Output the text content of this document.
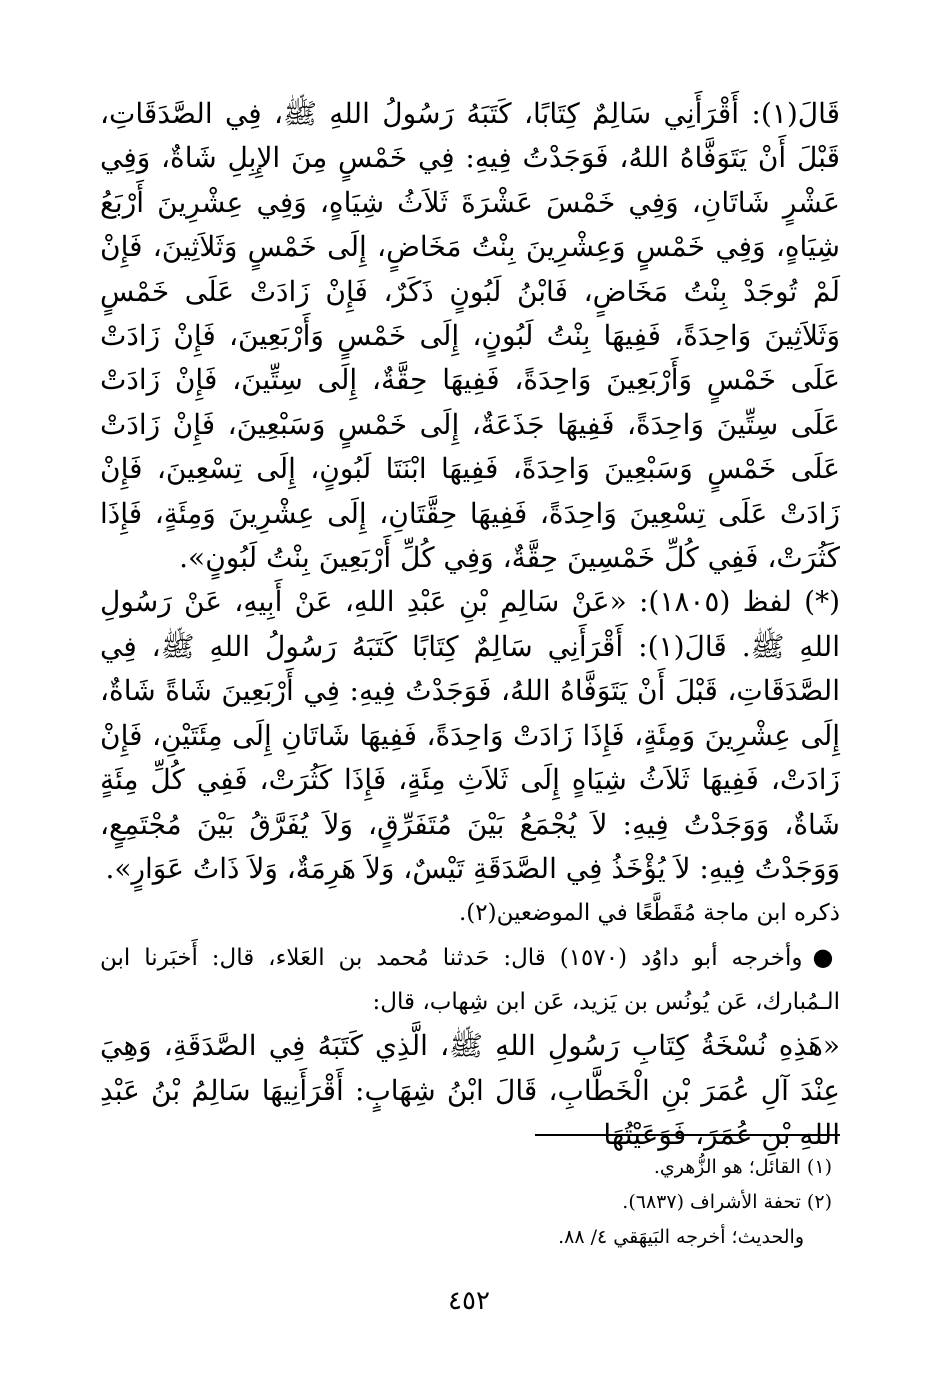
قَالَ(١): أَقْرَأَنِي سَالِمٌ كِتَابًا، كَتَبَهُ رَسُولُ اللهِ ﷺ، فِي الصَّدَقَاتِ، قَبْلَ أَنْ يَتَوَفَّاهُ اللهُ، فَوَجَدْتُ فِيهِ: فِي خَمْسٍ مِنَ الإِبِلِ شَاةٌ، وَفِي عَشْرٍ شَاتَانِ، وَفِي خَمْسَ عَشْرَةَ ثَلاَثُ شِيَاهٍ، وَفِي عِشْرِينَ أَرْبَعُ شِيَاهٍ، وَفِي خَمْسٍ وَعِشْرِينَ بِنْتُ مَخَاضٍ، إِلَى خَمْسٍ وَثَلاَثِينَ، فَإِنْ لَمْ تُوجَدْ بِنْتُ مَخَاضٍ، فَابْنُ لَبُونٍ ذَكَرٌ، فَإِنْ زَادَتْ عَلَى خَمْسٍ وَثَلاَثِينَ وَاحِدَةً، فَفِيهَا بِنْتُ لَبُونٍ، إِلَى خَمْسٍ وَأَرْبَعِينَ، فَإِنْ زَادَتْ عَلَى خَمْسٍ وَأَرْبَعِينَ وَاحِدَةً، فَفِيهَا حِقَّةٌ، إِلَى سِتِّينَ، فَإِنْ زَادَتْ عَلَى سِتِّينَ وَاحِدَةً، فَفِيهَا جَذَعَةٌ، إِلَى خَمْسٍ وَسَبْعِينَ، فَإِنْ زَادَتْ عَلَى خَمْسٍ وَسَبْعِينَ وَاحِدَةً، فَفِيهَا ابْنَتَا لَبُونٍ، إِلَى تِسْعِينَ، فَإِنْ زَادَتْ عَلَى تِسْعِينَ وَاحِدَةً، فَفِيهَا حِقَّتَانِ، إِلَى عِشْرِينَ وَمِئَةٍ، فَإِذَا كَثُرَتْ، فَفِي كُلِّ خَمْسِينَ حِقَّةٌ، وَفِي كُلِّ أَرْبَعِينَ بِنْتُ لَبُونٍ».

(*) لفظ (١٨٠٥): «عَنْ سَالِمِ بْنِ عَبْدِ اللهِ، عَنْ أَبِيهِ، عَنْ رَسُولِ اللهِ ﷺ. قَالَ(١): أَقْرَأَنِي سَالِمٌ كِتَابًا كَتَبَهُ رَسُولُ اللهِ ﷺ، فِي الصَّدَقَاتِ، قَبْلَ أَنْ يَتَوَفَّاهُ اللهُ، فَوَجَدْتُ فِيهِ: فِي أَرْبَعِينَ شَاةً شَاةٌ، إِلَى عِشْرِينَ وَمِئَةٍ، فَإِذَا زَادَتْ وَاحِدَةً، فَفِيهَا شَاتَانِ إِلَى مِئَتَيْنِ، فَإِنْ زَادَتْ، فَفِيهَا ثَلاَثُ شِيَاهٍ إِلَى ثَلاَثِ مِئَةٍ، فَإِذَا كَثُرَتْ، فَفِي كُلِّ مِئَةٍ شَاةٌ، وَوَجَدْتُ فِيهِ: لاَ يُجْمَعُ بَيْنَ مُتَفَرِّقٍ، وَلاَ يُفَرَّقُ بَيْنَ مُجْتَمِعٍ، وَوَجَدْتُ فِيهِ: لاَ يُؤْخَذُ فِي الصَّدَقَةِ تَيْسٌ، وَلاَ هَرِمَةٌ، وَلاَ ذَاتُ عَوَارٍ».

ذكره ابن ماجة مُقَطَّعًا في الموضعين(٢).

●وأخرجه أبو داوُد (١٥٧٠) قال: حَدثنا مُحمد بن العَلاء، قال: أَخبَرنا ابن الـمُبارك، عَن يُونُس بن يَزيد، عَن ابن شِهاب، قال:

«هَذِهِ نُسْخَةُ كِتَابِ رَسُولِ اللهِ ﷺ، الَّذِي كَتَبَهُ فِي الصَّدَقَةِ، وَهِيَ عِنْدَ آلِ عُمَرَ بْنِ الْخَطَّابِ، قَالَ ابْنُ شِهَابٍ: أَقْرَأَنِيهَا سَالِمُ بْنُ عَبْدِ اللهِ بْنِ عُمَرَ، فَوَعَيْتُهَا

(١) القائل؛ هو الزُّهري.

(٢) تحفة الأشراف (٦٨٣٧).

والحديث؛ أخرجه البَيهَقي ٤/ ٨٨.

٤٥٢
